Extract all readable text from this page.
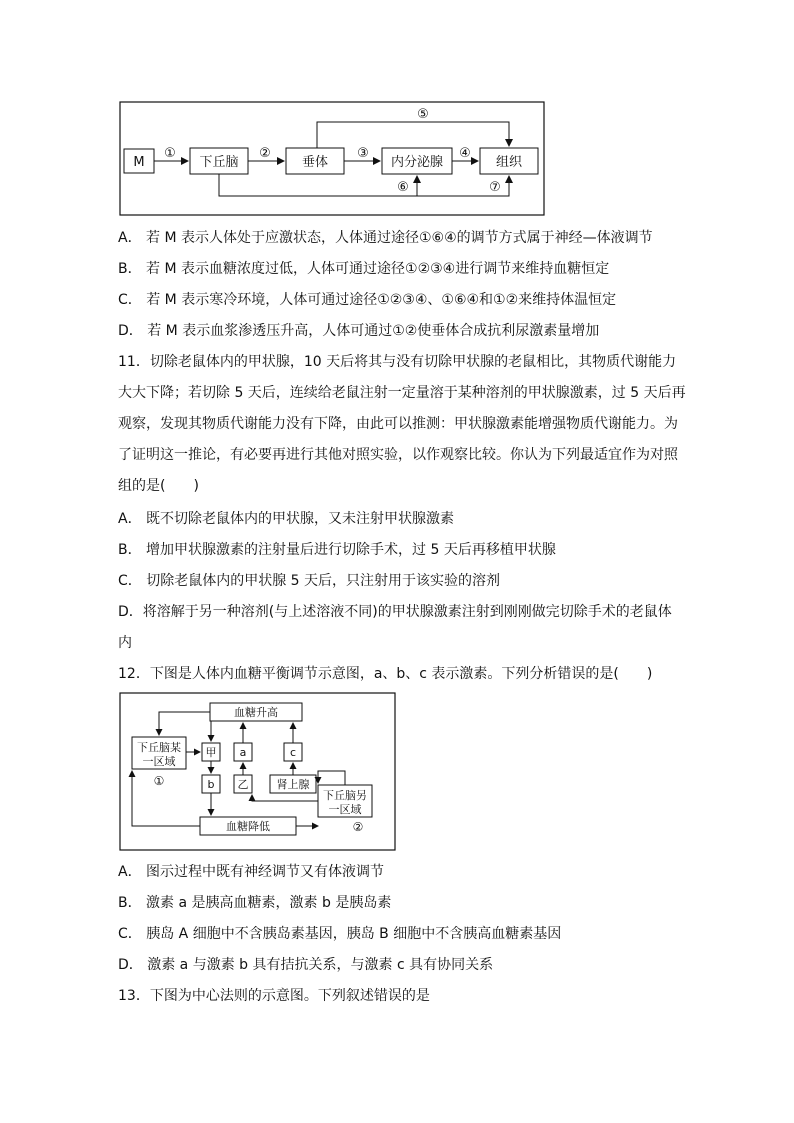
M	下丘脑	垂体	内分泌腺	组织
①	②	③	④
⑤
⑥	⑦
A． 若 M 表示人体处于应激状态，人体通过途径①⑥④的调节方式属于神经—体液调节
B． 若 M 表示血糖浓度过低，人体可通过途径①②③④进行调节来维持血糖恒定
C． 若 M 表示寒冷环境，人体可通过途径①②③④、①⑥④和①②来维持体温恒定
D． 若 M 表示血浆渗透压升高，人体可通过①②使垂体合成抗利尿激素量增加
11．切除老鼠体内的甲状腺，10 天后将其与没有切除甲状腺的老鼠相比，其物质代谢能力
大大下降；若切除 5 天后，连续给老鼠注射一定量溶于某种溶剂的甲状腺激素，过 5 天后再
观察，发现其物质代谢能力没有下降，由此可以推测：甲状腺激素能增强物质代谢能力。为
了证明这一推论，有必要再进行其他对照实验，以作观察比较。你认为下列最适宜作为对照
组的是(　　)
A． 既不切除老鼠体内的甲状腺，又未注射甲状腺激素
B． 增加甲状腺激素的注射量后进行切除手术，过 5 天后再移植甲状腺
C． 切除老鼠体内的甲状腺 5 天后，只注射用于该实验的溶剂
D．将溶解于另一种溶剂(与上述溶液不同)的甲状腺激素注射到刚刚做完切除手术的老鼠体
内
12．下图是人体内血糖平衡调节示意图，a、b、c 表示激素。下列分析错误的是(　　)
血糖升高
下丘脑某
一区域
①
甲
b
a
乙
c
肾上腺
下丘脑另
一区域
②
血糖降低
A． 图示过程中既有神经调节又有体液调节
B． 激素 a 是胰高血糖素，激素 b 是胰岛素
C． 胰岛 A 细胞中不含胰岛素基因，胰岛 B 细胞中不含胰高血糖素基因
D． 激素 a 与激素 b 具有拮抗关系，与激素 c 具有协同关系
13．下图为中心法则的示意图。下列叙述错误的是
